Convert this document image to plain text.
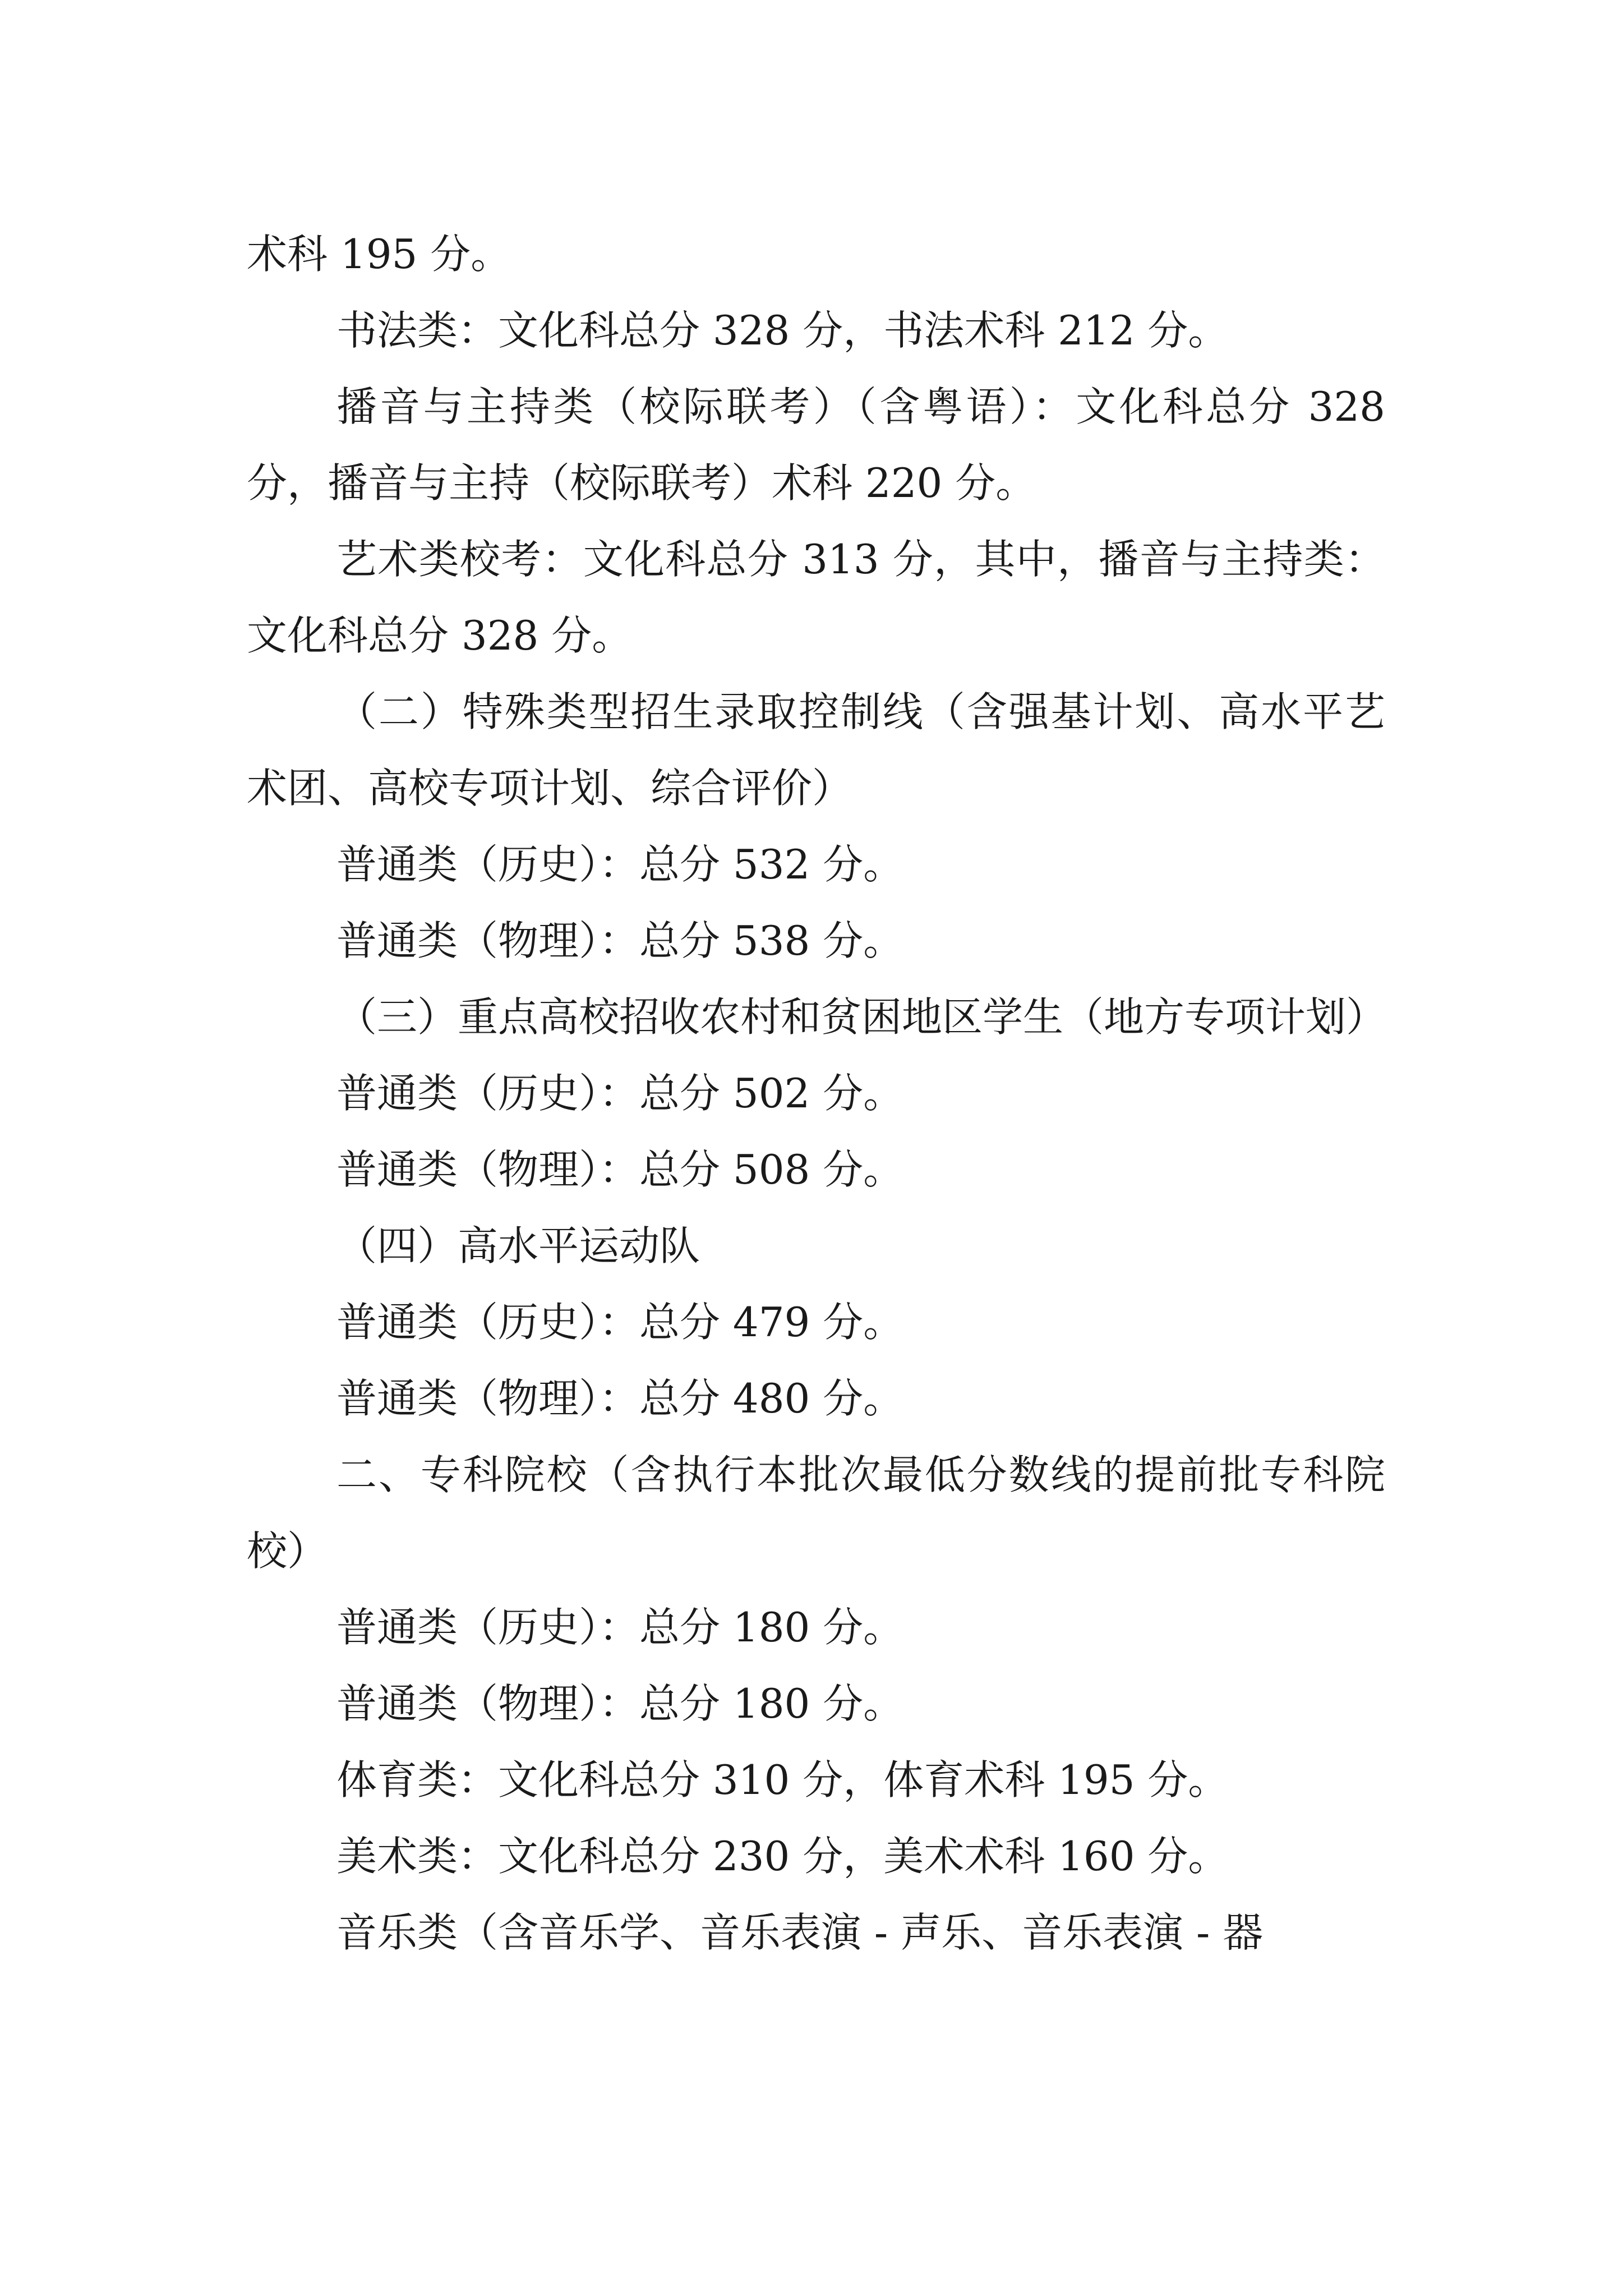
术科 195 分。

书法类：文化科总分 328 分，书法术科 212 分。

播音与主持类（校际联考）（含粤语）：文化科总分 328 分，播音与主持（校际联考）术科 220 分。

艺术类校考：文化科总分 313 分，其中，播音与主持类：文化科总分 328 分。

（二）特殊类型招生录取控制线（含强基计划、高水平艺术团、高校专项计划、综合评价）

普通类（历史）：总分 532 分。

普通类（物理）：总分 538 分。

（三）重点高校招收农村和贫困地区学生（地方专项计划）

普通类（历史）：总分 502 分。

普通类（物理）：总分 508 分。

（四）高水平运动队

普通类（历史）：总分 479 分。

普通类（物理）：总分 480 分。

二、专科院校（含执行本批次最低分数线的提前批专科院校）

普通类（历史）：总分 180 分。

普通类（物理）：总分 180 分。

体育类：文化科总分 310 分，体育术科 195 分。

美术类：文化科总分 230 分，美术术科 160 分。

音乐类（含音乐学、音乐表演 - 声乐、音乐表演 - 器
